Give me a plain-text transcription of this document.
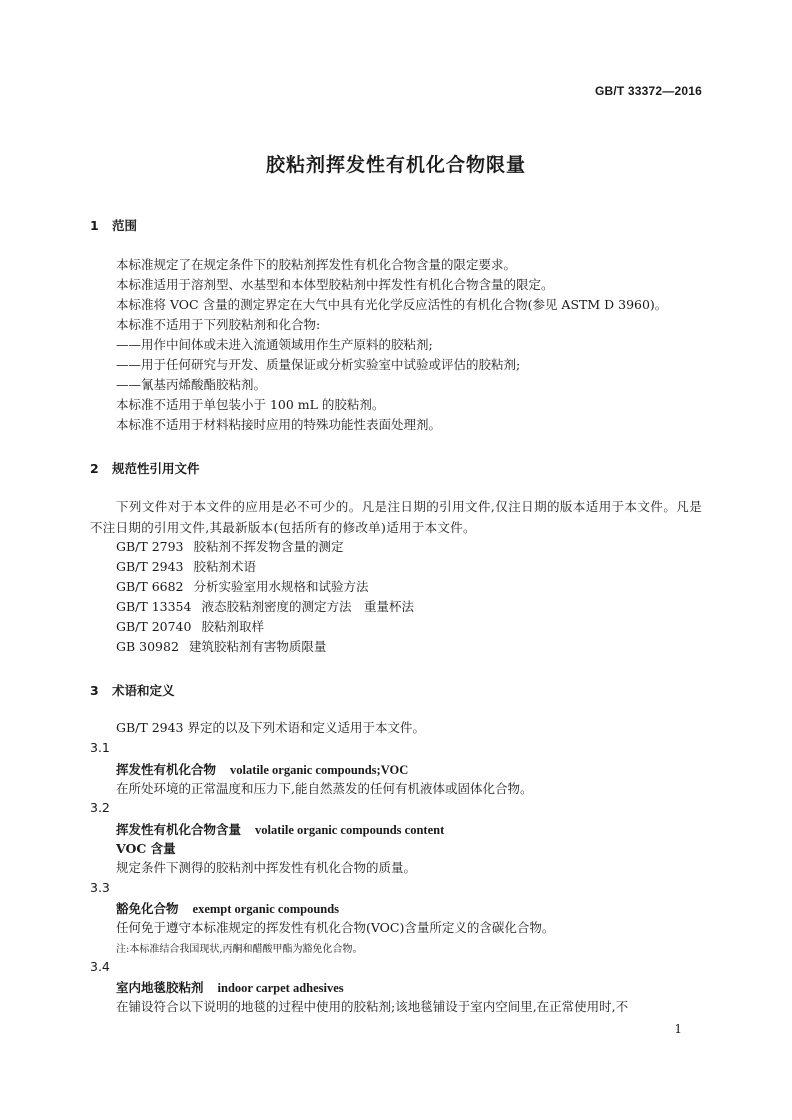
GB/T 33372—2016
胶粘剂挥发性有机化合物限量
1 范围
本标准规定了在规定条件下的胶粘剂挥发性有机化合物含量的限定要求。
本标准适用于溶剂型、水基型和本体型胶粘剂中挥发性有机化合物含量的限定。
本标准将 VOC 含量的测定界定在大气中具有光化学反应活性的有机化合物(参见 ASTM D 3960)。
本标准不适用于下列胶粘剂和化合物:
——用作中间体或未进入流通领域用作生产原料的胶粘剂;
——用于任何研究与开发、质量保证或分析实验室中试验或评估的胶粘剂;
——氰基丙烯酸酯胶粘剂。
本标准不适用于单包装小于 100 mL 的胶粘剂。
本标准不适用于材料粘接时应用的特殊功能性表面处理剂。
2 规范性引用文件
下列文件对于本文件的应用是必不可少的。凡是注日期的引用文件,仅注日期的版本适用于本文件。凡是不注日期的引用文件,其最新版本(包括所有的修改单)适用于本文件。
GB/T 2793 胶粘剂不挥发物含量的测定
GB/T 2943 胶粘剂术语
GB/T 6682 分析实验室用水规格和试验方法
GB/T 13354 液态胶粘剂密度的测定方法　重量杯法
GB/T 20740 胶粘剂取样
GB 30982 建筑胶粘剂有害物质限量
3 术语和定义
GB/T 2943 界定的以及下列术语和定义适用于本文件。
3.1
挥发性有机化合物 volatile organic compounds;VOC
在所处环境的正常温度和压力下,能自然蒸发的任何有机液体或固体化合物。
3.2
挥发性有机化合物含量 volatile organic compounds content
VOC 含量
规定条件下测得的胶粘剂中挥发性有机化合物的质量。
3.3
豁免化合物 exempt organic compounds
任何免于遵守本标准规定的挥发性有机化合物(VOC)含量所定义的含碳化合物。
注:本标准结合我国现状,丙酮和醋酸甲酯为豁免化合物。
3.4
室内地毯胶粘剂 indoor carpet adhesives
在铺设符合以下说明的地毯的过程中使用的胶粘剂;该地毯铺设于室内空间里,在正常使用时,不
1
